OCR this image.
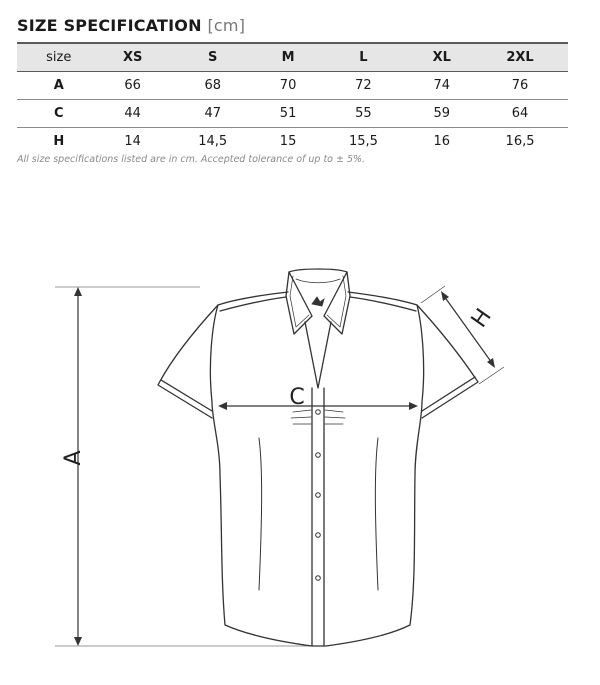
SIZE SPECIFICATION [cm]
size	XS	S	M	L	XL	2XL
A	66	68	70	72	74	76
C	44	47	51	55	59	64
H	14	14,5	15	15,5	16	16,5
All size specifications listed are in cm. Accepted tolerance of up to ± 5%.
A
C
H
